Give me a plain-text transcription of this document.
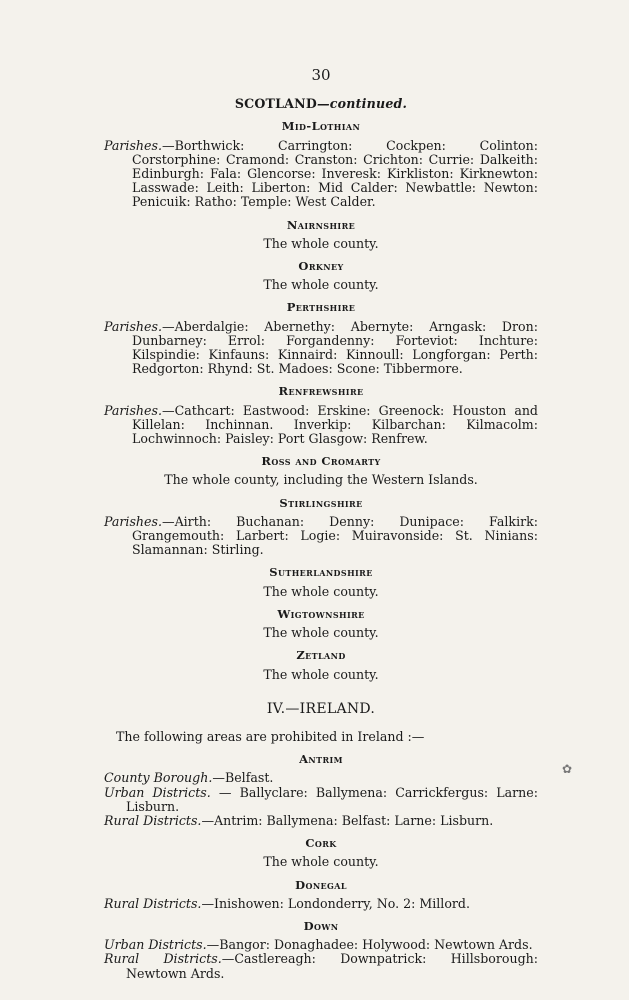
30
SCOTLAND—continued.
Mid-Lothian
Parishes.—Borthwick: Carrington: Cockpen: Colinton: Corstorphine: Cramond: Cranston: Crichton: Currie: Dalkeith: Edinburgh: Fala: Glencorse: Inveresk: Kirkliston: Kirknewton: Lasswade: Leith: Liberton: Mid Calder: Newbattle: Newton: Penicuik: Ratho: Temple: West Calder.
Nairnshire
The whole county.
Orkney
The whole county.
Perthshire
Parishes.—Aberdalgie: Abernethy: Abernyte: Arngask: Dron: Dunbarney: Errol: Forgandenny: Forteviot: Inchture: Kilspindie: Kinfauns: Kinnaird: Kinnoull: Longforgan: Perth: Redgorton: Rhynd: St. Madoes: Scone: Tibbermore.
Renfrewshire
Parishes.—Cathcart: Eastwood: Erskine: Greenock: Houston and Killelan: Inchinnan. Inverkip: Kilbarchan: Kilmacolm: Lochwinnoch: Paisley: Port Glasgow: Renfrew.
Ross and Cromarty
The whole county, including the Western Islands.
Stirlingshire
Parishes.—Airth: Buchanan: Denny: Dunipace: Falkirk: Grangemouth: Larbert: Logie: Muiravonside: St. Ninians: Slamannan: Stirling.
Sutherlandshire
The whole county.
Wigtownshire
The whole county.
Zetland
The whole county.
IV.—IRELAND.
The following areas are prohibited in Ireland :—
Antrim
County Borough.—Belfast.
Urban Districts. — Ballyclare: Ballymena: Carrickfergus: Larne: Lisburn.
Rural Districts.—Antrim: Ballymena: Belfast: Larne: Lisburn.
Cork
The whole county.
Donegal
Rural Districts.—Inishowen: Londonderry, No. 2: Millord.
Down
Urban Districts.—Bangor: Donaghadee: Holywood: Newtown Ards.
Rural Districts.—Castlereagh: Downpatrick: Hillsborough: Newtown Ards.
✿
